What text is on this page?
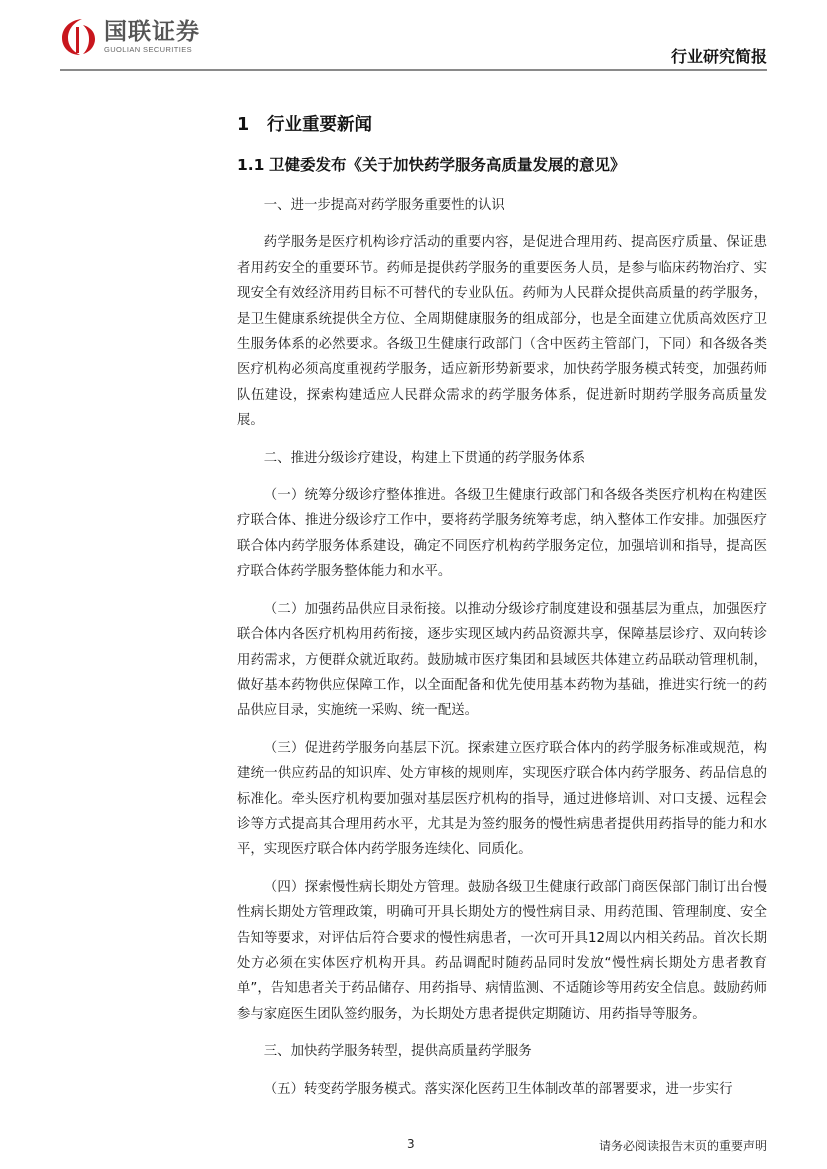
国联证券
GUOLIAN SECURITIES	行业研究简报
1 行业重要新闻
1.1 卫健委发布《关于加快药学服务高质量发展的意见》
一、进一步提高对药学服务重要性的认识
药学服务是医疗机构诊疗活动的重要内容，是促进合理用药、提高医疗质量、保证患者用药安全的重要环节。药师是提供药学服务的重要医务人员，是参与临床药物治疗、实现安全有效经济用药目标不可替代的专业队伍。药师为人民群众提供高质量的药学服务，是卫生健康系统提供全方位、全周期健康服务的组成部分，也是全面建立优质高效医疗卫生服务体系的必然要求。各级卫生健康行政部门（含中医药主管部门，下同）和各级各类医疗机构必须高度重视药学服务，适应新形势新要求，加快药学服务模式转变，加强药师队伍建设，探索构建适应人民群众需求的药学服务体系，促进新时期药学服务高质量发展。
二、推进分级诊疗建设，构建上下贯通的药学服务体系
（一）统筹分级诊疗整体推进。各级卫生健康行政部门和各级各类医疗机构在构建医疗联合体、推进分级诊疗工作中，要将药学服务统筹考虑，纳入整体工作安排。加强医疗联合体内药学服务体系建设，确定不同医疗机构药学服务定位，加强培训和指导，提高医疗联合体药学服务整体能力和水平。
（二）加强药品供应目录衔接。以推动分级诊疗制度建设和强基层为重点，加强医疗联合体内各医疗机构用药衔接，逐步实现区域内药品资源共享，保障基层诊疗、双向转诊用药需求，方便群众就近取药。鼓励城市医疗集团和县域医共体建立药品联动管理机制，做好基本药物供应保障工作，以全面配备和优先使用基本药物为基础，推进实行统一的药品供应目录，实施统一采购、统一配送。
（三）促进药学服务向基层下沉。探索建立医疗联合体内的药学服务标准或规范，构建统一供应药品的知识库、处方审核的规则库，实现医疗联合体内药学服务、药品信息的标准化。牵头医疗机构要加强对基层医疗机构的指导，通过进修培训、对口支援、远程会诊等方式提高其合理用药水平，尤其是为签约服务的慢性病患者提供用药指导的能力和水平，实现医疗联合体内药学服务连续化、同质化。
（四）探索慢性病长期处方管理。鼓励各级卫生健康行政部门商医保部门制订出台慢性病长期处方管理政策，明确可开具长期处方的慢性病目录、用药范围、管理制度、安全告知等要求，对评估后符合要求的慢性病患者，一次可开具12周以内相关药品。首次长期处方必须在实体医疗机构开具。药品调配时随药品同时发放“慢性病长期处方患者教育单”，告知患者关于药品储存、用药指导、病情监测、不适随诊等用药安全信息。鼓励药师参与家庭医生团队签约服务，为长期处方患者提供定期随访、用药指导等服务。
三、加快药学服务转型，提供高质量药学服务
（五）转变药学服务模式。落实深化医药卫生体制改革的部署要求，进一步实行
3	请务必阅读报告末页的重要声明
